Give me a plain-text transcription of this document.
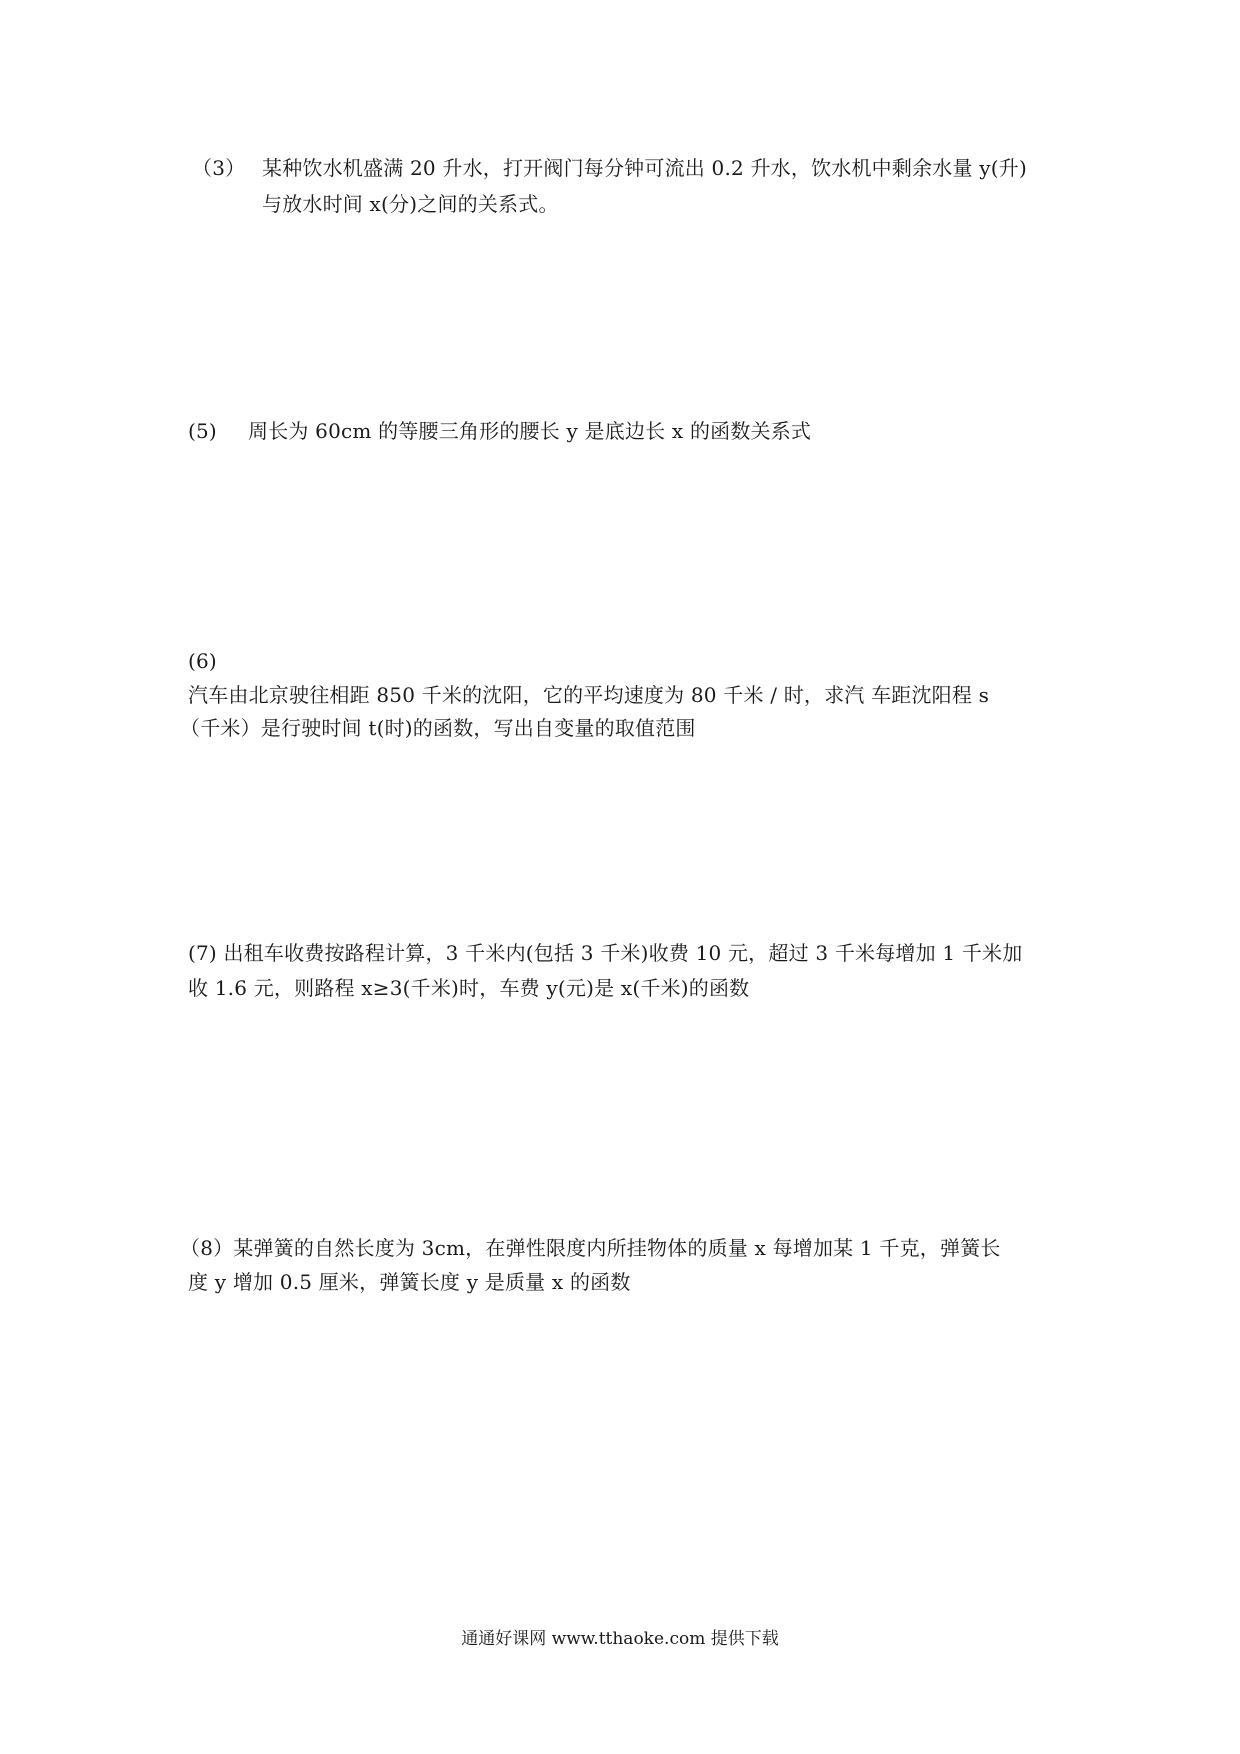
（3） 某种饮水机盛满 20 升水，打开阀门每分钟可流出 0.2 升水，饮水机中剩余水量 y(升)
与放水时间 x(分)之间的关系式。
(5) 周长为 60cm 的等腰三角形的腰长 y 是底边长 x 的函数关系式
(6)
汽车由北京驶往相距 850 千米的沈阳，它的平均速度为 80 千米 / 时，求汽 车距沈阳程 s
（千米）是行驶时间 t(时)的函数，写出自变量的取值范围
(7) 出租车收费按路程计算，3 千米内(包括 3 千米)收费 10 元，超过 3 千米每增加 1 千米加
收 1.6 元，则路程 x≥3(千米)时，车费 y(元)是 x(千米)的函数
（8）某弹簧的自然长度为 3cm，在弹性限度内所挂物体的质量 x 每增加某 1 千克，弹簧长
度 y 增加 0.5 厘米，弹簧长度 y 是质量 x 的函数
通通好课网 www.tthaoke.com 提供下载
